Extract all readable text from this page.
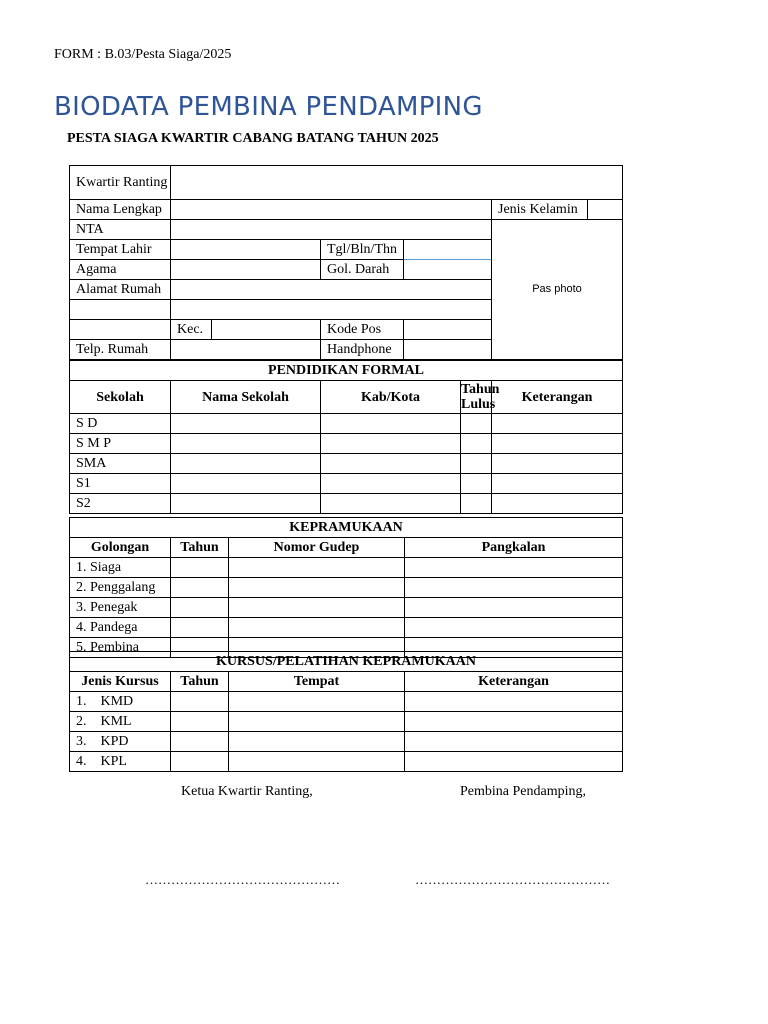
FORM : B.03/Pesta Siaga/2025
BIODATA PEMBINA PENDAMPING
PESTA SIAGA KWARTIR CABANG BATANG TAHUN 2025
Kwartir Ranting							
Nama Lengkap						Jenis Kelamin	
NTA						Pas photo	
Tempat Lahir			Tgl/Bln/Thn				
Agama			Gol. Darah				
Alamat Rumah							

	Kec.		Kode Pos				
Telp. Rumah			Handphone				
PENDIDIKAN FORMAL							
Sekolah	Nama Sekolah		Kab/Kota		Tahun Lulus	Keterangan	
S D							
S M P							
SMA							
S1							
S2							
KEPRAMUKAAN			
Golongan	Tahun	Nomor Gudep	Pangkalan
1. Siaga			
2. Penggalang			
3. Penegak			
4. Pandega			
5. Pembina			
KURSUS/PELATIHAN KEPRAMUKAAN			
Jenis Kursus	Tahun	Tempat	Keterangan
1.    KMD			
2.    KML			
3.    KPD			
4.    KPL			
Ketua Kwartir Ranting,	Pembina Pendamping,
………………………………………	………………………………………
